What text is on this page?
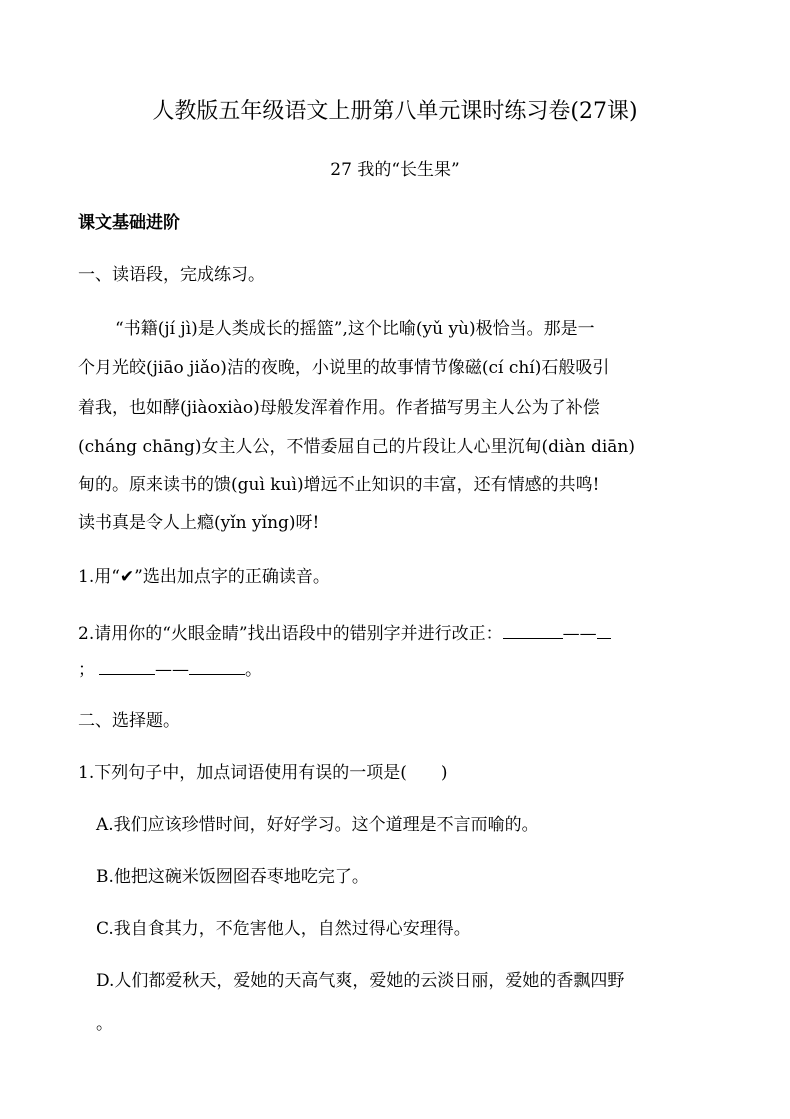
人教版五年级语文上册第八单元课时练习卷(27课)
27 我的“长生果”
课文基础进阶
一、读语段，完成练习。
“书籍(jí jì)是人类成长的摇篮”,这个比喻(yǔ yù)极恰当。那是一
个月光皎(jiāo jiǎo)洁的夜晚，小说里的故事情节像磁(cí chí)石般吸引
着我，也如酵(jiàoxiào)母般发浑着作用。作者描写男主人公为了补偿
(cháng chāng)女主人公，不惜委屈自己的片段让人心里沉甸(diàn diān)
甸的。原来读书的馈(guì kuì)增远不止知识的丰富，还有情感的共鸣!
读书真是令人上瘾(yǐn yǐng)呀!
1.用“✔”选出加点字的正确读音。
2.请用你的“火眼金睛”找出语段中的错别字并进行改正：	——
；	——	。
二、选择题。
1.下列句子中，加点词语使用有误的一项是(　　)
A.我们应该珍惜时间，好好学习。这个道理是不言而喻的。
B.他把这碗米饭囫囵吞枣地吃完了。
C.我自食其力，不危害他人，自然过得心安理得。
D.人们都爱秋天，爱她的天高气爽，爱她的云淡日丽，爱她的香飘四野
。
